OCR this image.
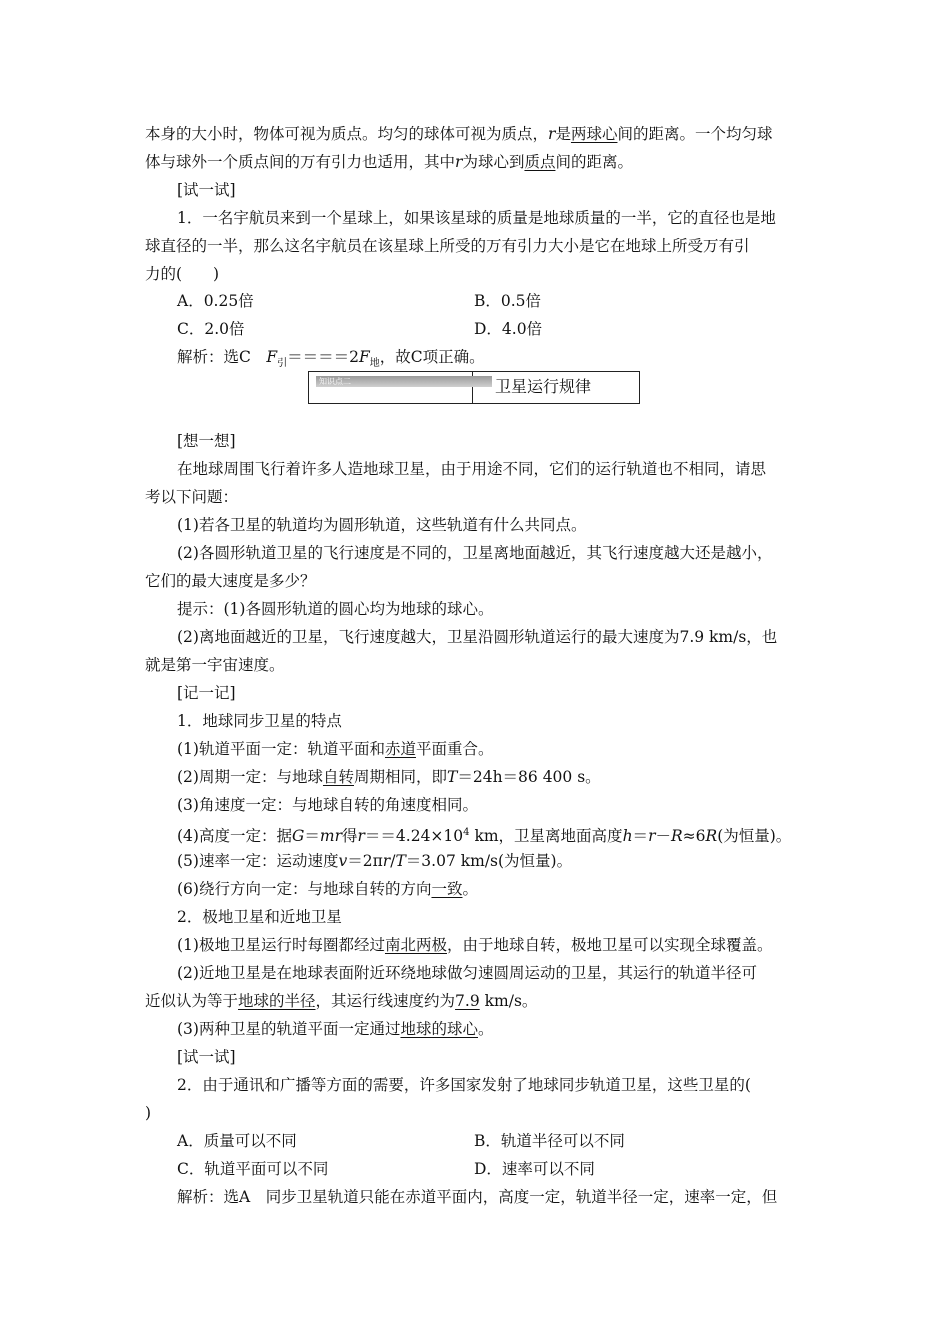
本身的大小时，物体可视为质点。均匀的球体可视为质点，r是两球心间的距离。一个均匀球
体与球外一个质点间的万有引力也适用，其中r为球心到质点间的距离。
[试一试]
1．一名宇航员来到一个星球上，如果该星球的质量是地球质量的一半，它的直径也是地
球直径的一半，那么这名宇航员在该星球上所受的万有引力大小是它在地球上所受万有引
力的(　　)
A．0.25倍	B．0.5倍
C．2.0倍	D．4.0倍
解析：选C　$F_引====2F_地$，故C项正确。
知识点二	卫星运行规律
[想一想]
在地球周围飞行着许多人造地球卫星，由于用途不同，它们的运行轨道也不相同，请思
考以下问题：
(1)若各卫星的轨道均为圆形轨道，这些轨道有什么共同点。
(2)各圆形轨道卫星的飞行速度是不同的，卫星离地面越近，其飞行速度越大还是越小，
它们的最大速度是多少？
提示：(1)各圆形轨道的圆心均为地球的球心。
(2)离地面越近的卫星，飞行速度越大，卫星沿圆形轨道运行的最大速度为7.9 km/s，也
就是第一宇宙速度。
[记一记]
1．地球同步卫星的特点
(1)轨道平面一定：轨道平面和赤道平面重合。
(2)周期一定：与地球自转周期相同，即T＝24h＝86 400 s。
(3)角速度一定：与地球自转的角速度相同。
(4)高度一定：据G＝mr得$r==4.24\times 10^4$ km，卫星离地面高度h＝r－R≈6R(为恒量)。
(5)速率一定：运动速度v＝2πr/T＝3.07 km/s(为恒量)。
(6)绕行方向一定：与地球自转的方向一致。
2．极地卫星和近地卫星
(1)极地卫星运行时每圈都经过南北两极，由于地球自转，极地卫星可以实现全球覆盖。
(2)近地卫星是在地球表面附近环绕地球做匀速圆周运动的卫星，其运行的轨道半径可
近似认为等于地球的半径，其运行线速度约为7.9 km/s。
(3)两种卫星的轨道平面一定通过地球的球心。
[试一试]
2．由于通讯和广播等方面的需要，许多国家发射了地球同步轨道卫星，这些卫星的(
)
A．质量可以不同	B．轨道半径可以不同
C．轨道平面可以不同	D．速率可以不同
解析：选A　同步卫星轨道只能在赤道平面内，高度一定，轨道半径一定，速率一定，但
